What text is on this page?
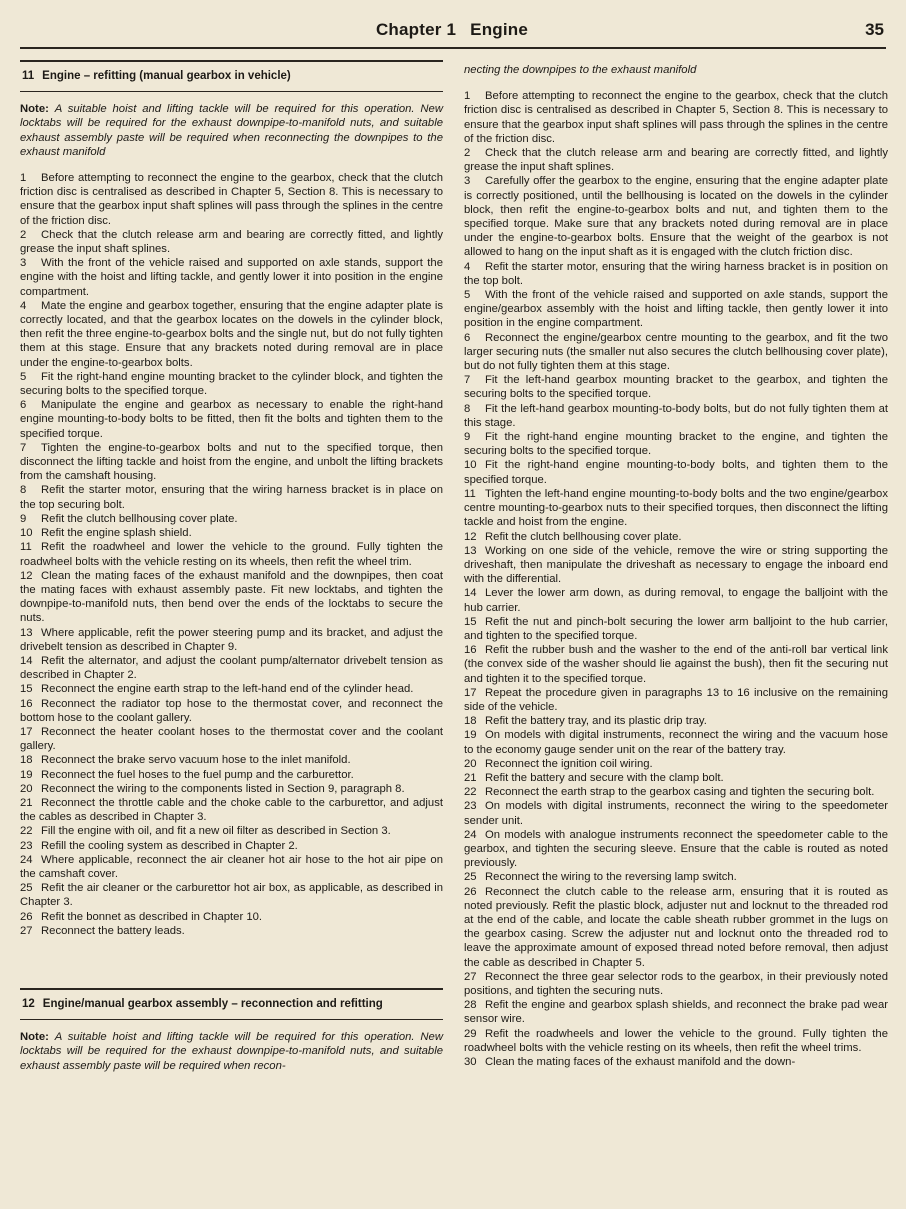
Chapter 1 Engine	35
11 Engine – refitting (manual gearbox in vehicle)

Note: A suitable hoist and lifting tackle will be required for this operation. New locktabs will be required for the exhaust downpipe-to-manifold nuts, and suitable exhaust assembly paste will be required when reconnecting the downpipes to the exhaust manifold

1 Before attempting to reconnect the engine to the gearbox, check that the clutch friction disc is centralised as described in Chapter 5, Section 8. This is necessary to ensure that the gearbox input shaft splines will pass through the splines in the centre of the friction disc.

2 Check that the clutch release arm and bearing are correctly fitted, and lightly grease the input shaft splines.

3 With the front of the vehicle raised and supported on axle stands, support the engine with the hoist and lifting tackle, and gently lower it into position in the engine compartment.

4 Mate the engine and gearbox together, ensuring that the engine adapter plate is correctly located, and that the gearbox locates on the dowels in the cylinder block, then refit the three engine-to-gearbox bolts and the single nut, but do not fully tighten them at this stage. Ensure that any brackets noted during removal are in place under the engine-to-gearbox bolts.

5 Fit the right-hand engine mounting bracket to the cylinder block, and tighten the securing bolts to the specified torque.

6 Manipulate the engine and gearbox as necessary to enable the right-hand engine mounting-to-body bolts to be fitted, then fit the bolts and tighten them to the specified torque.

7 Tighten the engine-to-gearbox bolts and nut to the specified torque, then disconnect the lifting tackle and hoist from the engine, and unbolt the lifting brackets from the camshaft housing.

8 Refit the starter motor, ensuring that the wiring harness bracket is in place on the top securing bolt.

9 Refit the clutch bellhousing cover plate.

10 Refit the engine splash shield.

11 Refit the roadwheel and lower the vehicle to the ground. Fully tighten the roadwheel bolts with the vehicle resting on its wheels, then refit the wheel trim.

12 Clean the mating faces of the exhaust manifold and the downpipes, then coat the mating faces with exhaust assembly paste. Fit new locktabs, and tighten the downpipe-to-manifold nuts, then bend over the ends of the locktabs to secure the nuts.

13 Where applicable, refit the power steering pump and its bracket, and adjust the drivebelt tension as described in Chapter 9.

14 Refit the alternator, and adjust the coolant pump/alternator drivebelt tension as described in Chapter 2.

15 Reconnect the engine earth strap to the left-hand end of the cylinder head.

16 Reconnect the radiator top hose to the thermostat cover, and reconnect the bottom hose to the coolant gallery.

17 Reconnect the heater coolant hoses to the thermostat cover and the coolant gallery.

18 Reconnect the brake servo vacuum hose to the inlet manifold.

19 Reconnect the fuel hoses to the fuel pump and the carburettor.

20 Reconnect the wiring to the components listed in Section 9, paragraph 8.

21 Reconnect the throttle cable and the choke cable to the carburettor, and adjust the cables as described in Chapter 3.

22 Fill the engine with oil, and fit a new oil filter as described in Section 3.

23 Refill the cooling system as described in Chapter 2.

24 Where applicable, reconnect the air cleaner hot air hose to the hot air pipe on the camshaft cover.

25 Refit the air cleaner or the carburettor hot air box, as applicable, as described in Chapter 3.

26 Refit the bonnet as described in Chapter 10.

27 Reconnect the battery leads.

12 Engine/manual gearbox assembly – reconnection and refitting

Note: A suitable hoist and lifting tackle will be required for this operation. New locktabs will be required for the exhaust downpipe-to-manifold nuts, and suitable exhaust assembly paste will be required when recon-

necting the downpipes to the exhaust manifold

1 Before attempting to reconnect the engine to the gearbox, check that the clutch friction disc is centralised as described in Chapter 5, Section 8. This is necessary to ensure that the gearbox input shaft splines will pass through the splines in the centre of the friction disc.

2 Check that the clutch release arm and bearing are correctly fitted, and lightly grease the input shaft splines.

3 Carefully offer the gearbox to the engine, ensuring that the engine adapter plate is correctly positioned, until the bellhousing is located on the dowels in the cylinder block, then refit the engine-to-gearbox bolts and nut, and tighten them to the specified torque. Make sure that any brackets noted during removal are in place under the engine-to-gearbox bolts. Ensure that the weight of the gearbox is not allowed to hang on the input shaft as it is engaged with the clutch friction disc.

4 Refit the starter motor, ensuring that the wiring harness bracket is in position on the top bolt.

5 With the front of the vehicle raised and supported on axle stands, support the engine/gearbox assembly with the hoist and lifting tackle, then gently lower it into position in the engine compartment.

6 Reconnect the engine/gearbox centre mounting to the gearbox, and fit the two larger securing nuts (the smaller nut also secures the clutch bellhousing cover plate), but do not fully tighten them at this stage.

7 Fit the left-hand gearbox mounting bracket to the gearbox, and tighten the securing bolts to the specified torque.

8 Fit the left-hand gearbox mounting-to-body bolts, but do not fully tighten them at this stage.

9 Fit the right-hand engine mounting bracket to the engine, and tighten the securing bolts to the specified torque.

10 Fit the right-hand engine mounting-to-body bolts, and tighten them to the specified torque.

11 Tighten the left-hand engine mounting-to-body bolts and the two engine/gearbox centre mounting-to-gearbox nuts to their specified torques, then disconnect the lifting tackle and hoist from the engine.

12 Refit the clutch bellhousing cover plate.

13 Working on one side of the vehicle, remove the wire or string supporting the driveshaft, then manipulate the driveshaft as necessary to engage the inboard end with the differential.

14 Lever the lower arm down, as during removal, to engage the balljoint with the hub carrier.

15 Refit the nut and pinch-bolt securing the lower arm balljoint to the hub carrier, and tighten to the specified torque.

16 Refit the rubber bush and the washer to the end of the anti-roll bar vertical link (the convex side of the washer should lie against the bush), then fit the securing nut and tighten it to the specified torque.

17 Repeat the procedure given in paragraphs 13 to 16 inclusive on the remaining side of the vehicle.

18 Refit the battery tray, and its plastic drip tray.

19 On models with digital instruments, reconnect the wiring and the vacuum hose to the economy gauge sender unit on the rear of the battery tray.

20 Reconnect the ignition coil wiring.

21 Refit the battery and secure with the clamp bolt.

22 Reconnect the earth strap to the gearbox casing and tighten the securing bolt.

23 On models with digital instruments, reconnect the wiring to the speedometer sender unit.

24 On models with analogue instruments reconnect the speedometer cable to the gearbox, and tighten the securing sleeve. Ensure that the cable is routed as noted previously.

25 Reconnect the wiring to the reversing lamp switch.

26 Reconnect the clutch cable to the release arm, ensuring that it is routed as noted previously. Refit the plastic block, adjuster nut and locknut to the threaded rod at the end of the cable, and locate the cable sheath rubber grommet in the lugs on the gearbox casing. Screw the adjuster nut and locknut onto the threaded rod to leave the approximate amount of exposed thread noted before removal, then adjust the cable as described in Chapter 5.

27 Reconnect the three gear selector rods to the gearbox, in their previously noted positions, and tighten the securing nuts.

28 Refit the engine and gearbox splash shields, and reconnect the brake pad wear sensor wire.

29 Refit the roadwheels and lower the vehicle to the ground. Fully tighten the roadwheel bolts with the vehicle resting on its wheels, then refit the wheel trims.

30 Clean the mating faces of the exhaust manifold and the down-
